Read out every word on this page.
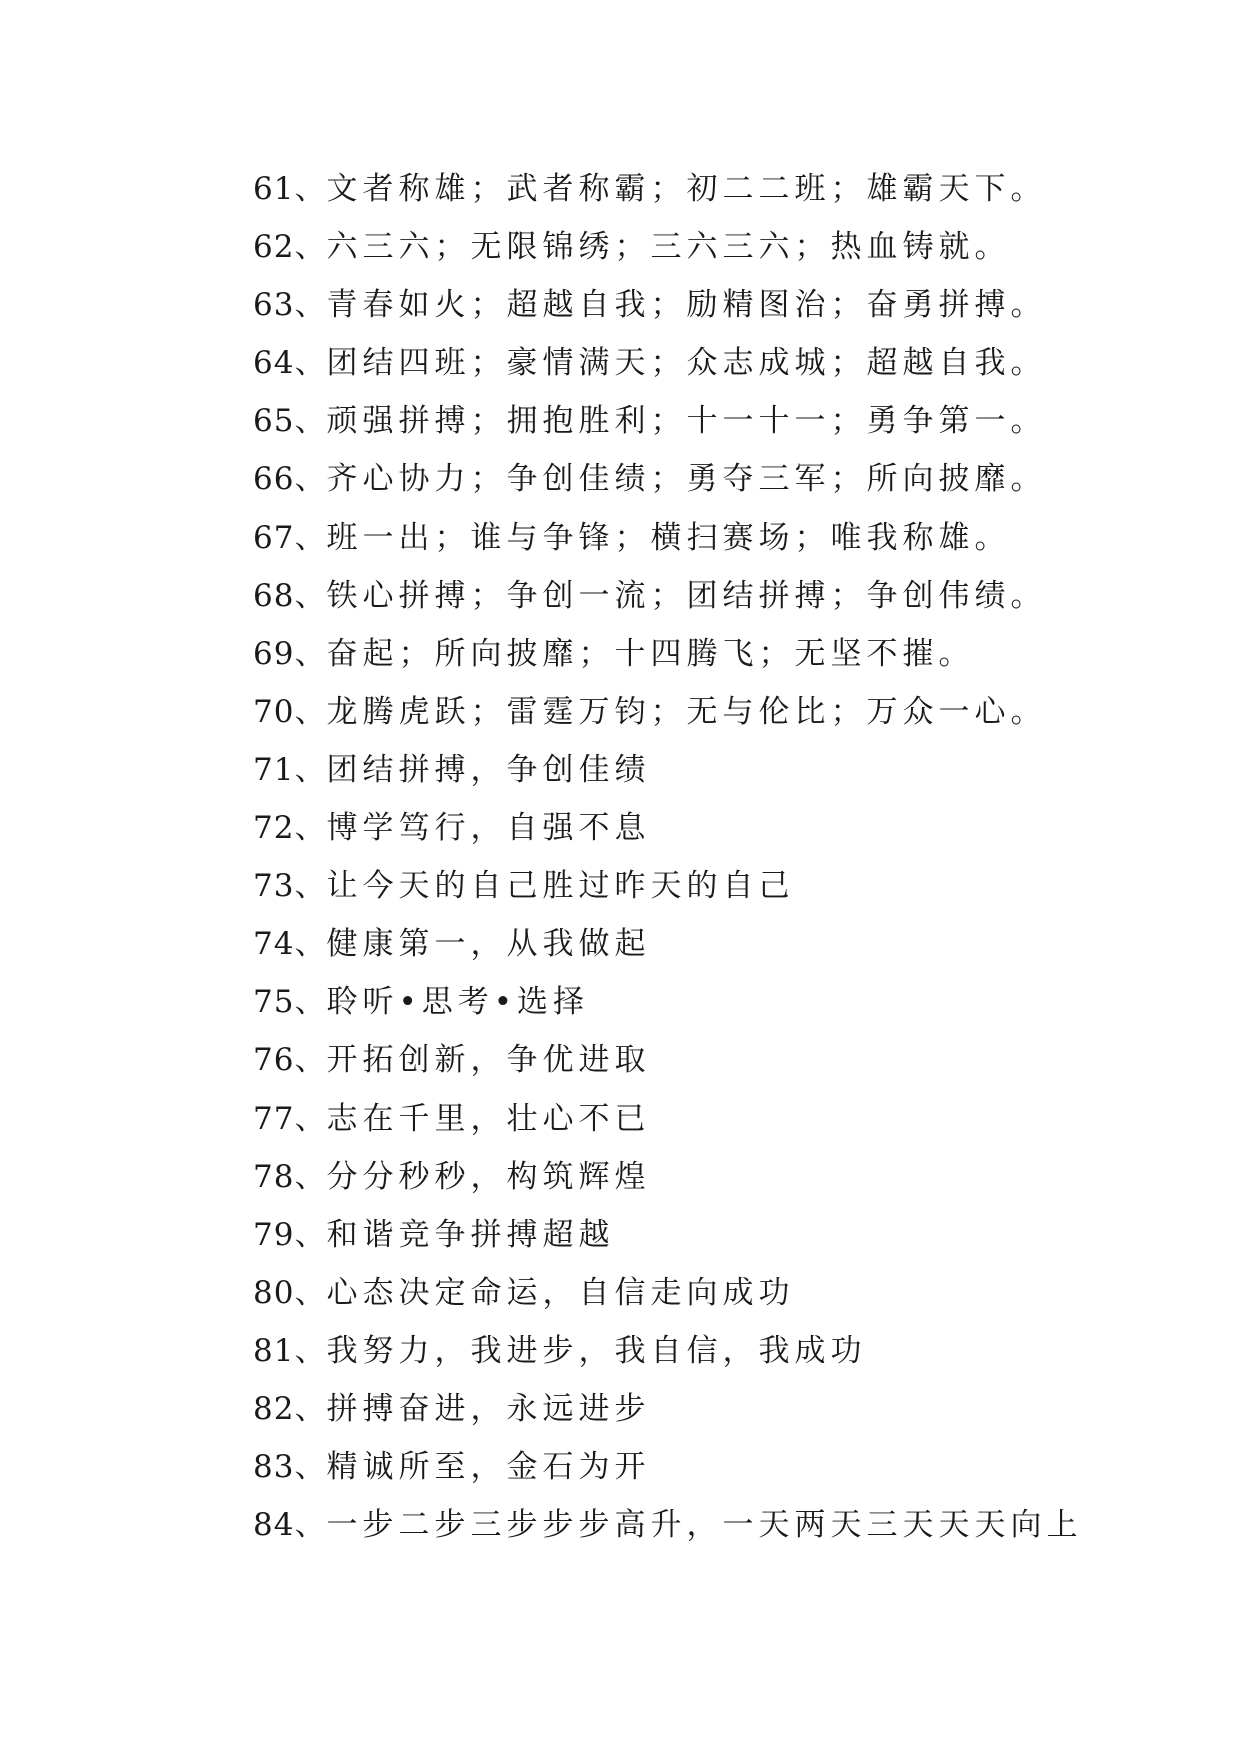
61、文者称雄；武者称霸；初二二班；雄霸天下。
62、六三六；无限锦绣；三六三六；热血铸就。
63、青春如火；超越自我；励精图治；奋勇拼搏。
64、团结四班；豪情满天；众志成城；超越自我。
65、顽强拼搏；拥抱胜利；十一十一；勇争第一。
66、齐心协力；争创佳绩；勇夺三军；所向披靡。
67、班一出；谁与争锋；横扫赛场；唯我称雄。
68、铁心拼搏；争创一流；团结拼搏；争创伟绩。
69、奋起；所向披靡；十四腾飞；无坚不摧。
70、龙腾虎跃；雷霆万钧；无与伦比；万众一心。
71、团结拼搏，争创佳绩
72、博学笃行，自强不息
73、让今天的自己胜过昨天的自己
74、健康第一，从我做起
75、聆听•思考•选择
76、开拓创新，争优进取
77、志在千里，壮心不已
78、分分秒秒，构筑辉煌
79、和谐竞争拼搏超越
80、心态决定命运，自信走向成功
81、我努力，我进步，我自信，我成功
82、拼搏奋进，永远进步
83、精诚所至，金石为开
84、一步二步三步步步高升，一天两天三天天天向上
